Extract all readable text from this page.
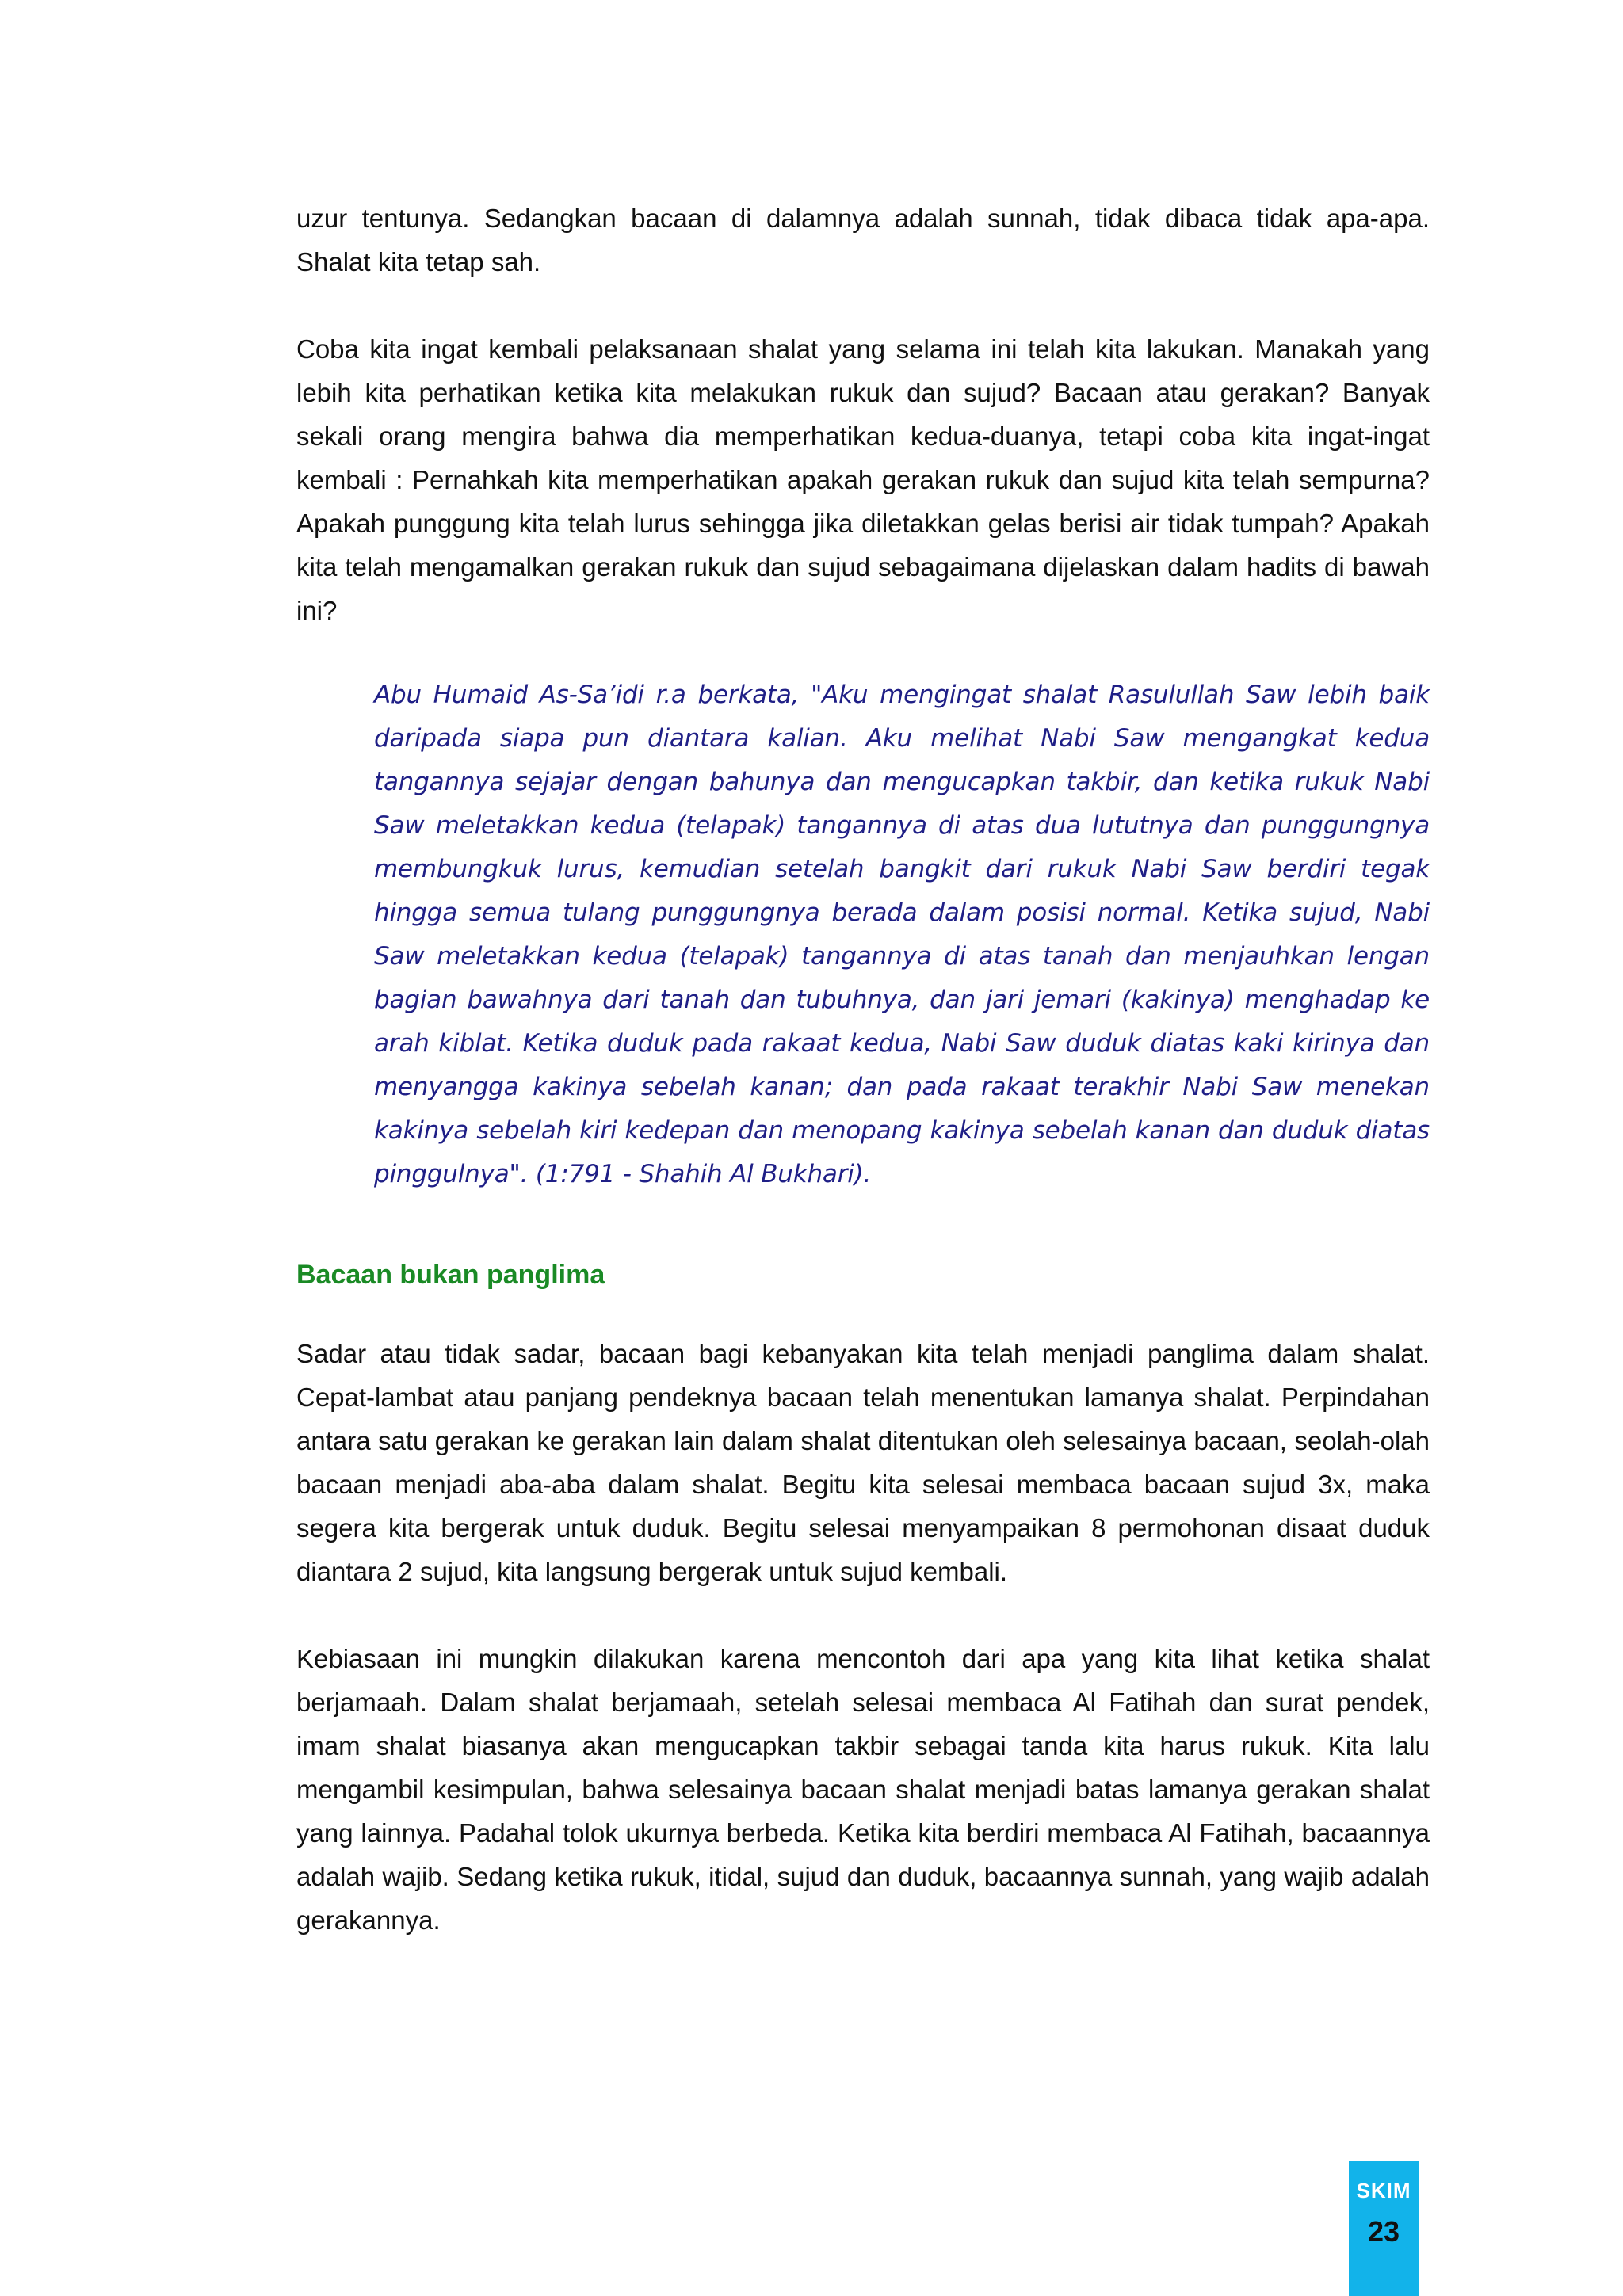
uzur tentunya. Sedangkan bacaan di dalamnya adalah sunnah, tidak dibaca tidak apa-apa. Shalat kita tetap sah.

Coba kita ingat kembali pelaksanaan shalat yang selama ini telah kita lakukan. Manakah yang lebih kita perhatikan ketika kita melakukan rukuk dan sujud? Bacaan atau gerakan? Banyak sekali orang mengira bahwa dia memperhatikan kedua-duanya, tetapi coba kita ingat-ingat kembali : Pernahkah kita memperhatikan apakah gerakan rukuk dan sujud kita telah sempurna? Apakah punggung kita telah lurus sehingga jika diletakkan gelas berisi air tidak tumpah? Apakah kita telah mengamalkan gerakan rukuk dan sujud sebagaimana dijelaskan dalam hadits di bawah ini?

Abu Humaid As-Sa’idi r.a berkata, "Aku mengingat shalat Rasulullah Saw lebih baik daripada siapa pun diantara kalian. Aku melihat Nabi Saw mengangkat kedua tangannya sejajar dengan bahunya dan mengucapkan takbir, dan ketika rukuk Nabi Saw meletakkan kedua (telapak) tangannya di atas dua lututnya dan punggungnya membungkuk lurus, kemudian setelah bangkit dari rukuk Nabi Saw berdiri tegak hingga semua tulang punggungnya berada dalam posisi normal. Ketika sujud, Nabi Saw meletakkan kedua (telapak) tangannya di atas tanah dan menjauhkan lengan bagian bawahnya dari tanah dan tubuhnya, dan jari jemari (kakinya) menghadap ke arah kiblat. Ketika duduk pada rakaat kedua, Nabi Saw duduk diatas kaki kirinya dan menyangga kakinya sebelah kanan; dan pada rakaat terakhir Nabi Saw menekan kakinya sebelah kiri kedepan dan menopang kakinya sebelah kanan dan duduk diatas pinggulnya". (1:791 - Shahih Al Bukhari).

Bacaan bukan panglima

Sadar atau tidak sadar, bacaan bagi kebanyakan kita telah menjadi panglima dalam shalat. Cepat-lambat atau panjang pendeknya bacaan telah menentukan lamanya shalat. Perpindahan antara satu gerakan ke gerakan lain dalam shalat ditentukan oleh selesainya bacaan, seolah-olah bacaan menjadi aba-aba dalam shalat. Begitu kita selesai membaca bacaan sujud 3x, maka segera kita bergerak untuk duduk. Begitu selesai menyampaikan 8 permohonan disaat duduk diantara 2 sujud, kita langsung bergerak untuk sujud kembali.

Kebiasaan ini mungkin dilakukan karena mencontoh dari apa yang kita lihat ketika shalat berjamaah. Dalam shalat berjamaah, setelah selesai membaca Al Fatihah dan surat pendek, imam shalat biasanya akan mengucapkan takbir sebagai tanda kita harus rukuk. Kita lalu mengambil kesimpulan, bahwa selesainya bacaan shalat menjadi batas lamanya gerakan shalat yang lainnya. Padahal tolok ukurnya berbeda. Ketika kita berdiri membaca Al Fatihah, bacaannya adalah wajib. Sedang ketika rukuk, itidal, sujud dan duduk, bacaannya sunnah, yang wajib adalah gerakannya.

SKIM
23
